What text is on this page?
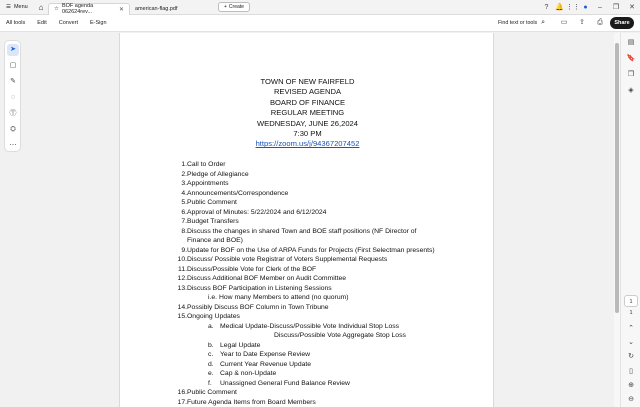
☰ Menu	⌂	☆ BOF agenda 062624rev...	✕ american-flag.pdf	+ Create	? 🔔 ⋮⋮ ●	–	❐	✕
All tools	Edit	Convert	E-Sign	Find text or tools ⌕	▭	⇪	⎙	Share
➤
▢
✎
◌
Ⓣ
⛭
⋯
TOWN OF NEW FAIRFELD
REVISED AGENDA
BOARD OF FINANCE
REGULAR MEETING
WEDNESDAY, JUNE 26,2024
7:30 PM
https://zoom.us/j/94367207452
1. Call to Order
2. Pledge of Allegiance
3. Appointments
4. Announcements/Correspondence
5. Public Comment
6. Approval of Minutes: 5/22/2024 and 6/12/2024
7. Budget Transfers
8. Discuss the changes in shared Town and BOE staff positions (NF Director of
Finance and BOE)
9. Update for BOF on the Use of ARPA Funds for Projects (First Selectman presents)
10. Discuss/ Possible vote Registrar of Voters Supplemental Requests
11. Discuss/Possible Vote for Clerk of the BOF
12. Discuss Additional BOF Member on Audit Committee
13. Discuss BOF Participation in Listening Sessions
i.e. How many Members to attend (no quorum)
14. Possibly Discuss BOF Column in Town Tribune
15. Ongoing Updates
a. Medical Update-Discuss/Possible Vote Individual Stop Loss
Discuss/Possible Vote Aggregate Stop Loss
b. Legal Update
c. Year to Date Expense Review
d. Current Year Revenue Update
e. Cap & non-Update
f. Unassigned General Fund Balance Review
16. Public Comment
17. Future Agenda Items from Board Members
▤
🔖
❒
◈
1
1
⌃
⌄
↻
▯
⊕
⊖
